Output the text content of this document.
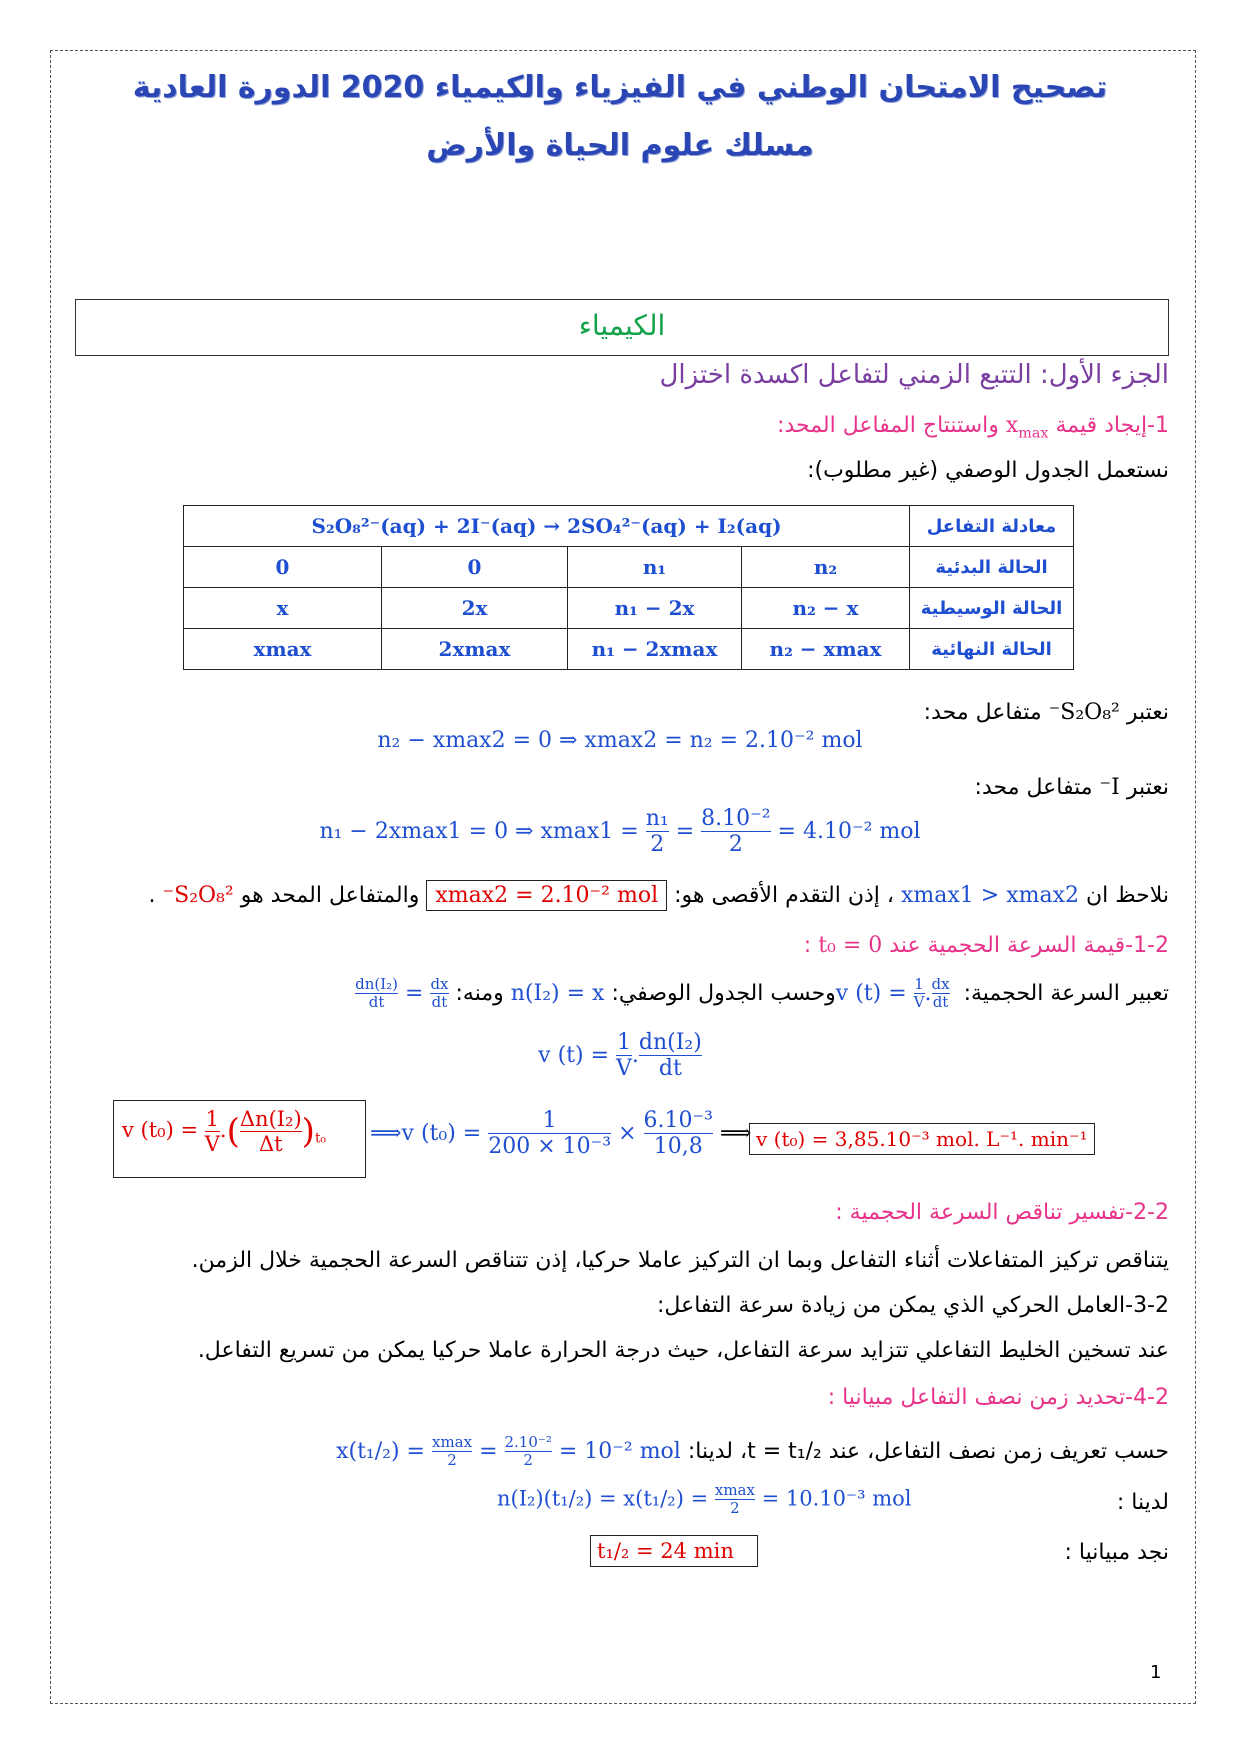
تصحيح الامتحان الوطني في الفيزياء والكيمياء 2020 الدورة العادية
مسلك علوم الحياة والأرض
الكيمياء
الجزء الأول: التتبع الزمني لتفاعل اكسدة اختزال
1-إيجاد قيمة $x_{max}$ واستنتاج المفاعل المحد:
نستعمل الجدول الوصفي (غير مطلوب):
S₂O₈²⁻(aq) + 2I⁻(aq) → 2SO₄²⁻(aq) + I₂(aq)				معادلة التفاعل
0	0	n₁	n₂	الحالة البدئية
x	2x	n₁ − 2x	n₂ − x	الحالة الوسيطية
xmax	2xmax	n₁ − 2xmax	n₂ − xmax	الحالة النهائية
نعتبر S₂O₈²⁻ متفاعل محد:
n₂ − xmax2 = 0 ⇒ xmax2 = n₂ = 2.10⁻² mol
نعتبر I⁻ متفاعل محد:
n₁ − 2xmax1 = 0 ⇒ $xmax1 = \frac{\text{n₁}}{2} = \frac{\text{8.10⁻²}}{2} = 4.10^{-2}$ mol
نلاحظ ان xmax1 > xmax2 ، إذن التقدم الأقصى هو: xmax2 = 2.10⁻² mol والمتفاعل المحد هو S₂O₈²⁻ .
1-2-قيمة السرعة الحجمية عند t₀ = 0 :
تعبير السرعة الحجمية: v $(t) = \frac{1}{V}$ . $\frac{dx}{dt}$
وحسب الجدول الوصفي: n(I₂) = x ومنه:
$\frac{\text{dn(I₂)}}{dt} = \frac{dx}{dt}$
v $(t) = \frac{1}{V}$ . $\frac{\text{dn(I₂)}}{dt}$
v $(t_0) = \frac{1}{V}$ .( $\frac{\text{Δn(I₂)}}{\Delta t} )_{t_0}$ ⟹v $(t_0) = \frac{1}{\text{200 × 10⁻³}} \times \frac{\text{6.10⁻³}}{10,8}$ ⟹ v (t₀) = 3,85.10⁻³ mol. L⁻¹. min⁻¹
2-2-تفسير تناقص السرعة الحجمية :
يتناقص تركيز المتفاعلات أثناء التفاعل وبما ان التركيز عاملا حركيا، إذن تتناقص السرعة الحجمية خلال الزمن.
3-2-العامل الحركي الذي يمكن من زيادة سرعة التفاعل:
عند تسخين الخليط التفاعلي تتزايد سرعة التفاعل، حيث درجة الحرارة عاملا حركيا يمكن من تسريع التفاعل.
4-2-تحديد زمن نصف التفاعل مبيانيا :
حسب تعريف زمن نصف التفاعل، عند t = t₁/₂، لدينا: $x(t_1/_2) = \frac{xmax}{2} = \frac{\text{2.10⁻²}}{2} = 10^{-2}$ mol
لدينا :
$n(I_2)(t_1/_2) = x(t_1/_2) = \frac{xmax}{2} = 10.10^{-3}$ mol
نجد مبيانيا :
t₁/₂ = 24 min
1
